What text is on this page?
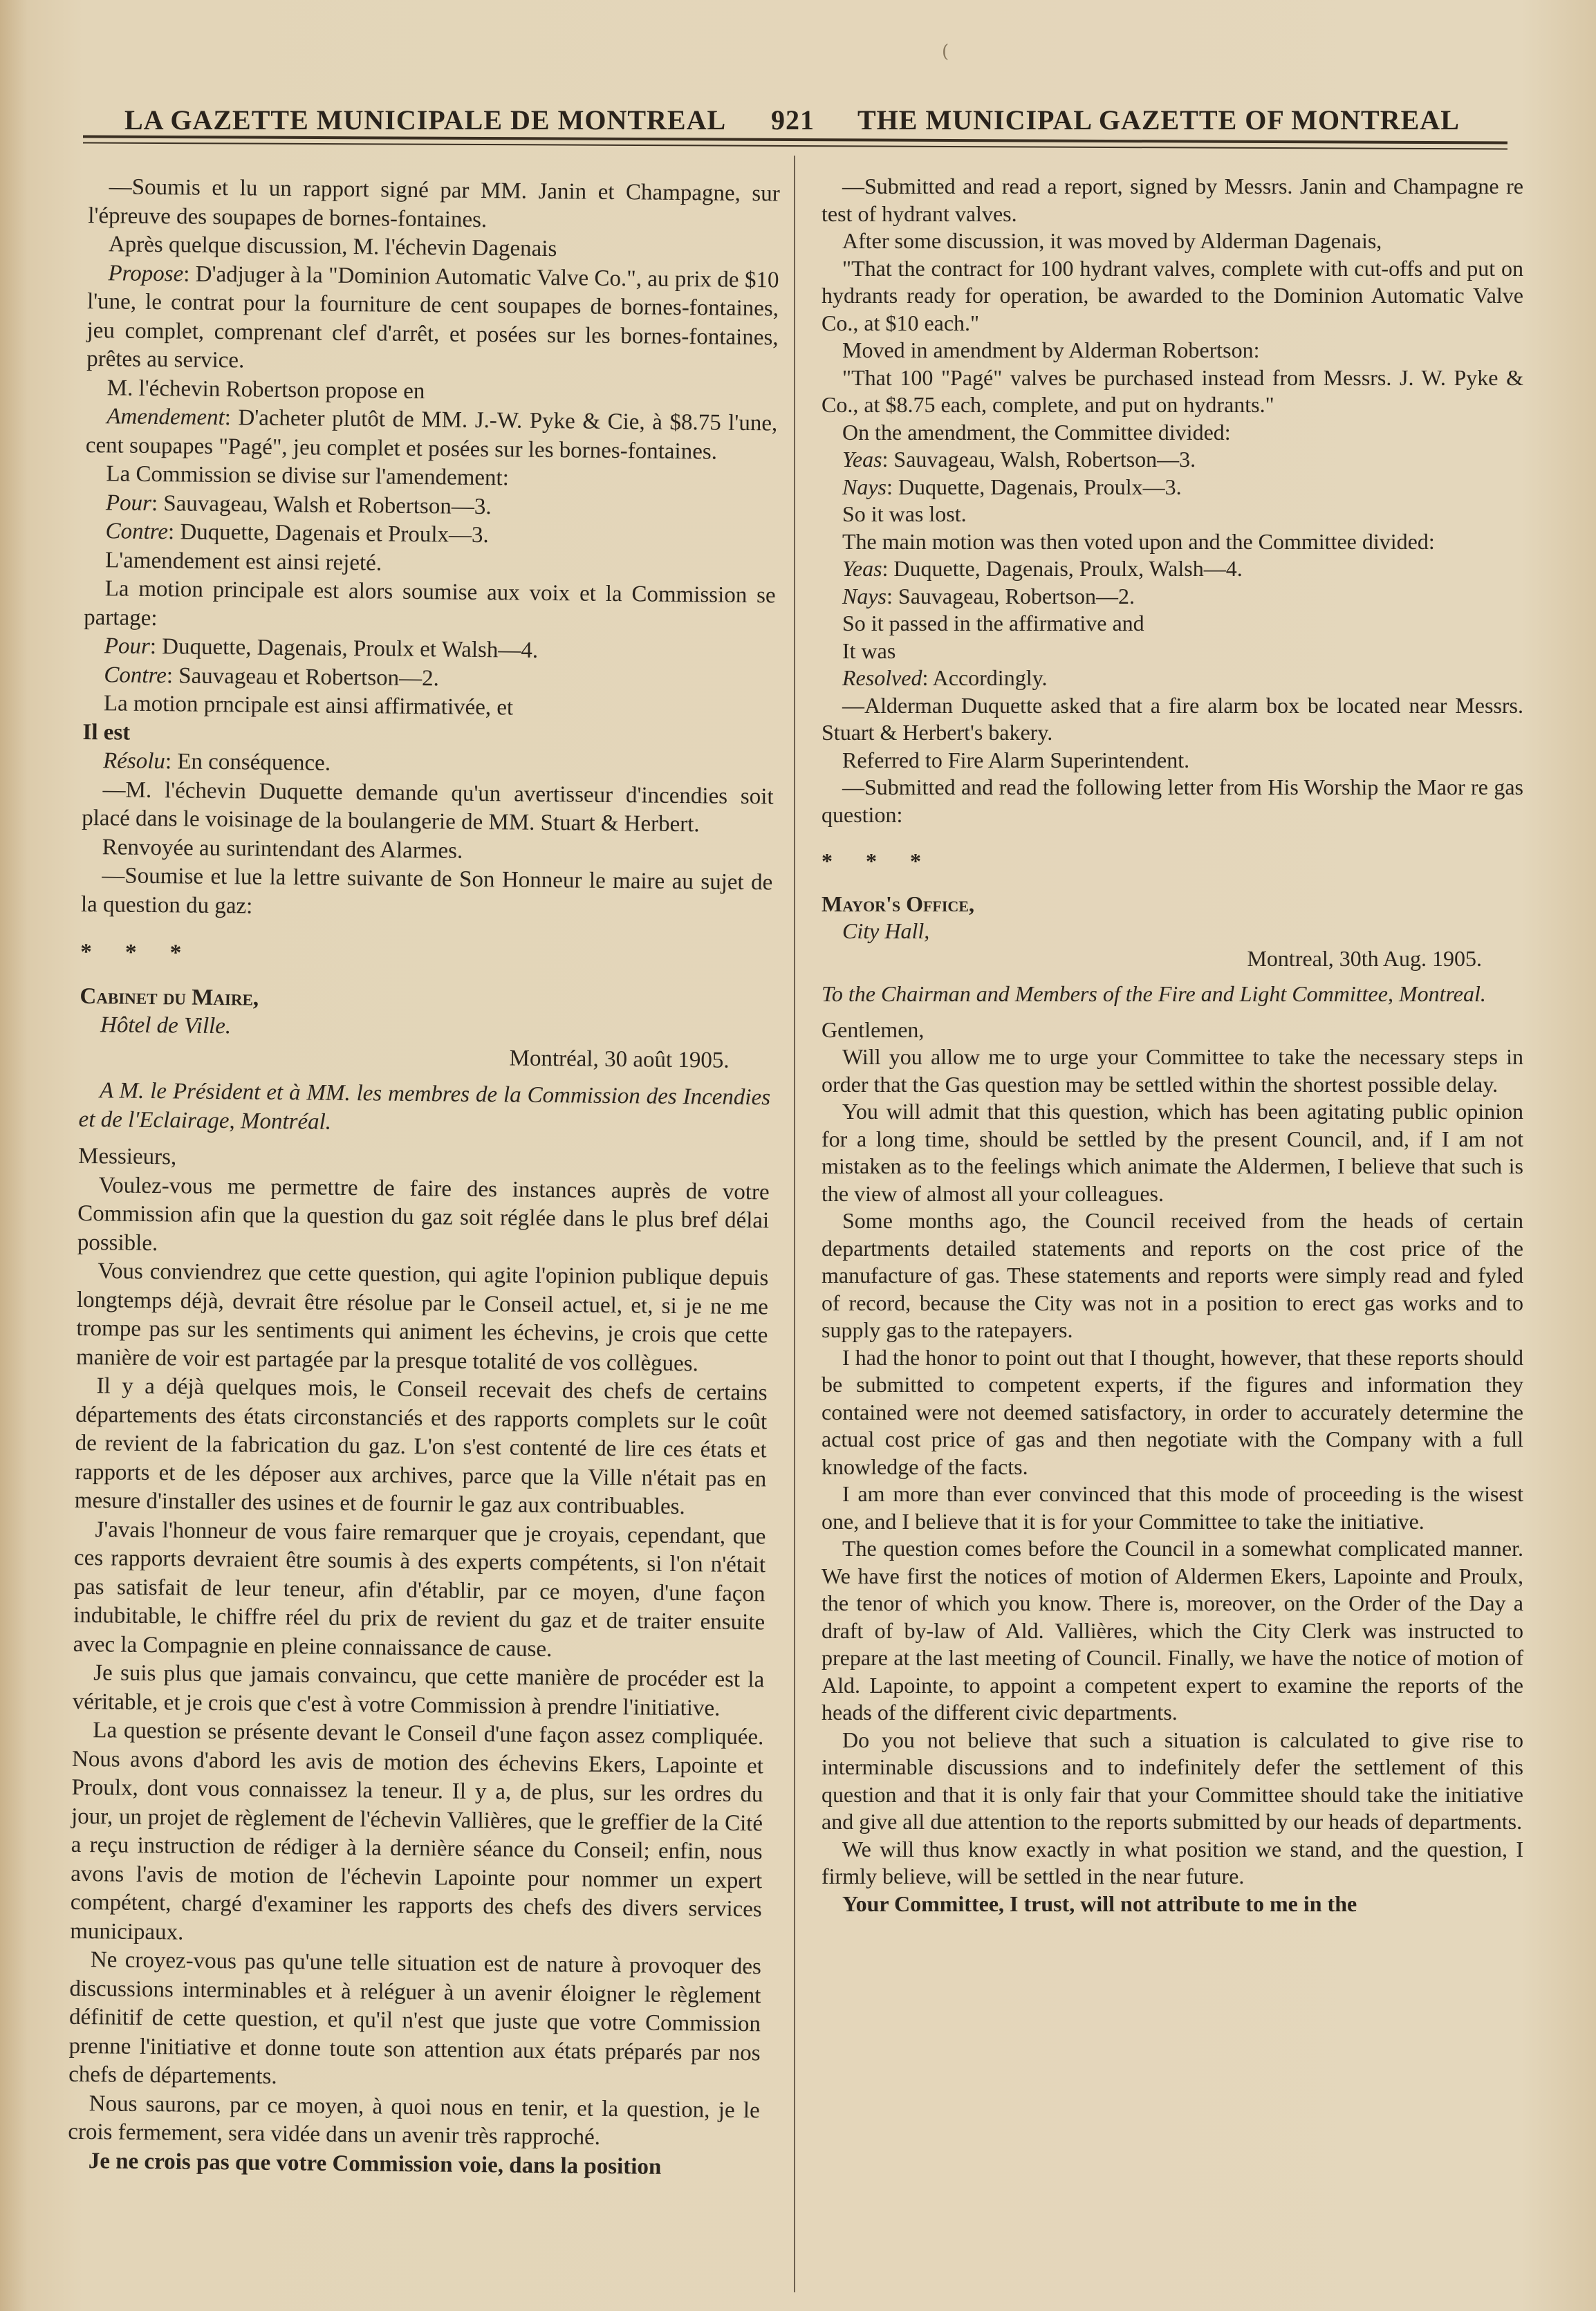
(
LA GAZETTE MUNICIPALE DE MONTREAL 921 THE MUNICIPAL GAZETTE OF MONTREAL

—Soumis et lu un rapport signé par MM. Janin et Champagne, sur l'épreuve des soupapes de bornes-fontaines.

Après quelque discussion, M. l'échevin Dagenais

Propose: D'adjuger à la "Dominion Automatic Valve Co.", au prix de $10 l'une, le contrat pour la fourniture de cent soupapes de bornes-fontaines, jeu complet, comprenant clef d'arrêt, et posées sur les bornes-fontaines, prêtes au service.

M. l'échevin Robertson propose en

Amendement: D'acheter plutôt de MM. J.-W. Pyke & Cie, à $8.75 l'une, cent soupapes "Pagé", jeu complet et posées sur les bornes-fontaines.

La Commission se divise sur l'amendement:

Pour: Sauvageau, Walsh et Robertson—3.

Contre: Duquette, Dagenais et Proulx—3.

L'amendement est ainsi rejeté.

La motion principale est alors soumise aux voix et la Commission se partage:

Pour: Duquette, Dagenais, Proulx et Walsh—4.

Contre: Sauvageau et Robertson—2.

La motion prncipale est ainsi affirmativée, et

Il est

Résolu: En conséquence.

—M. l'échevin Duquette demande qu'un avertisseur d'incendies soit placé dans le voisinage de la boulangerie de MM. Stuart & Herbert.

Renvoyée au surintendant des Alarmes.

—Soumise et lue la lettre suivante de Son Honneur le maire au sujet de la question du gaz:

* * *

Cabinet du Maire,

Hôtel de Ville.

Montréal, 30 août 1905.

A M. le Président et à MM. les membres de la Commission des Incendies et de l'Eclairage, Montréal.

Messieurs,

Voulez-vous me permettre de faire des instances auprès de votre Commission afin que la question du gaz soit réglée dans le plus bref délai possible.

Vous conviendrez que cette question, qui agite l'opinion publique depuis longtemps déjà, devrait être résolue par le Conseil actuel, et, si je ne me trompe pas sur les sentiments qui animent les échevins, je crois que cette manière de voir est partagée par la presque totalité de vos collègues.

Il y a déjà quelques mois, le Conseil recevait des chefs de certains départements des états circonstanciés et des rapports complets sur le coût de revient de la fabrication du gaz. L'on s'est contenté de lire ces états et rapports et de les déposer aux archives, parce que la Ville n'était pas en mesure d'installer des usines et de fournir le gaz aux contribuables.

J'avais l'honneur de vous faire remarquer que je croyais, cependant, que ces rapports devraient être soumis à des experts compétents, si l'on n'était pas satisfait de leur teneur, afin d'établir, par ce moyen, d'une façon indubitable, le chiffre réel du prix de revient du gaz et de traiter ensuite avec la Compagnie en pleine connaissance de cause.

Je suis plus que jamais convaincu, que cette manière de procéder est la véritable, et je crois que c'est à votre Commission à prendre l'initiative.

La question se présente devant le Conseil d'une façon assez compliquée. Nous avons d'abord les avis de motion des échevins Ekers, Lapointe et Proulx, dont vous connaissez la teneur. Il y a, de plus, sur les ordres du jour, un projet de règlement de l'échevin Vallières, que le greffier de la Cité a reçu instruction de rédiger à la dernière séance du Conseil; enfin, nous avons l'avis de motion de l'échevin Lapointe pour nommer un expert compétent, chargé d'examiner les rapports des chefs des divers services municipaux.

Ne croyez-vous pas qu'une telle situation est de nature à provoquer des discussions interminables et à reléguer à un avenir éloigner le règlement définitif de cette question, et qu'il n'est que juste que votre Commission prenne l'initiative et donne toute son attention aux états préparés par nos chefs de départements.

Nous saurons, par ce moyen, à quoi nous en tenir, et la question, je le crois fermement, sera vidée dans un avenir très rapproché.

Je ne crois pas que votre Commission voie, dans la position

—Submitted and read a report, signed by Messrs. Janin and Champagne re test of hydrant valves.

After some discussion, it was moved by Alderman Dagenais,

"That the contract for 100 hydrant valves, complete with cut-offs and put on hydrants ready for operation, be awarded to the Dominion Automatic Valve Co., at $10 each."

Moved in amendment by Alderman Robertson:

"That 100 "Pagé" valves be purchased instead from Messrs. J. W. Pyke & Co., at $8.75 each, complete, and put on hydrants."

On the amendment, the Committee divided:

Yeas: Sauvageau, Walsh, Robertson—3.

Nays: Duquette, Dagenais, Proulx—3.

So it was lost.

The main motion was then voted upon and the Committee divided:

Yeas: Duquette, Dagenais, Proulx, Walsh—4.

Nays: Sauvageau, Robertson—2.

So it passed in the affirmative and

It was

Resolved: Accordingly.

—Alderman Duquette asked that a fire alarm box be located near Messrs. Stuart & Herbert's bakery.

Referred to Fire Alarm Superintendent.

—Submitted and read the following letter from His Worship the Maor re gas question:

* * *

Mayor's Office,

City Hall,

Montreal, 30th Aug. 1905.

To the Chairman and Members of the Fire and Light Committee, Montreal.

Gentlemen,

Will you allow me to urge your Committee to take the necessary steps in order that the Gas question may be settled within the shortest possible delay.

You will admit that this question, which has been agitating public opinion for a long time, should be settled by the present Council, and, if I am not mistaken as to the feelings which animate the Aldermen, I believe that such is the view of almost all your colleagues.

Some months ago, the Council received from the heads of certain departments detailed statements and reports on the cost price of the manufacture of gas. These statements and reports were simply read and fyled of record, because the City was not in a position to erect gas works and to supply gas to the ratepayers.

I had the honor to point out that I thought, however, that these reports should be submitted to competent experts, if the figures and information they contained were not deemed satisfactory, in order to accurately determine the actual cost price of gas and then negotiate with the Company with a full knowledge of the facts.

I am more than ever convinced that this mode of proceeding is the wisest one, and I believe that it is for your Committee to take the initiative.

The question comes before the Council in a somewhat complicated manner. We have first the notices of motion of Aldermen Ekers, Lapointe and Proulx, the tenor of which you know. There is, moreover, on the Order of the Day a draft of by-law of Ald. Vallières, which the City Clerk was instructed to prepare at the last meeting of Council. Finally, we have the notice of motion of Ald. Lapointe, to appoint a competent expert to examine the reports of the heads of the different civic departments.

Do you not believe that such a situation is calculated to give rise to interminable discussions and to indefinitely defer the settlement of this question and that it is only fair that your Committee should take the initiative and give all due attention to the reports submitted by our heads of departments.

We will thus know exactly in what position we stand, and the question, I firmly believe, will be settled in the near future.

Your Committee, I trust, will not attribute to me in the
